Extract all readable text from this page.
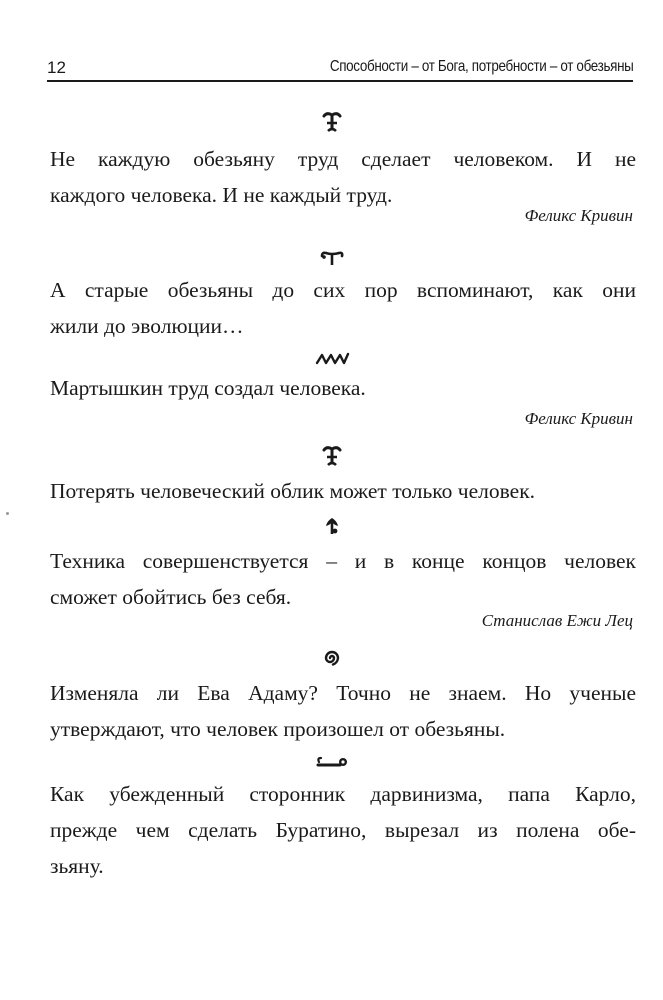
12	Способности – от Бога, потребности – от обезьяны
Не каждую обезьяну труд сделает человеком. И не
каждого человека. И не каждый труд.
Феликс Кривин
А старые обезьяны до сих пор вспоминают, как они
жили до эволюции…
Мартышкин труд создал человека.
Феликс Кривин
Потерять человеческий облик может только человек.
Техника совершенствуется – и в конце концов человек
сможет обойтись без себя.
Станислав Ежи Лец
Изменяла ли Ева Адаму? Точно не знаем. Но ученые
утверждают, что человек произошел от обезьяны.
Как убежденный сторонник дарвинизма, папа Карло,
прежде чем сделать Буратино, вырезал из полена обе-
зьяну.
